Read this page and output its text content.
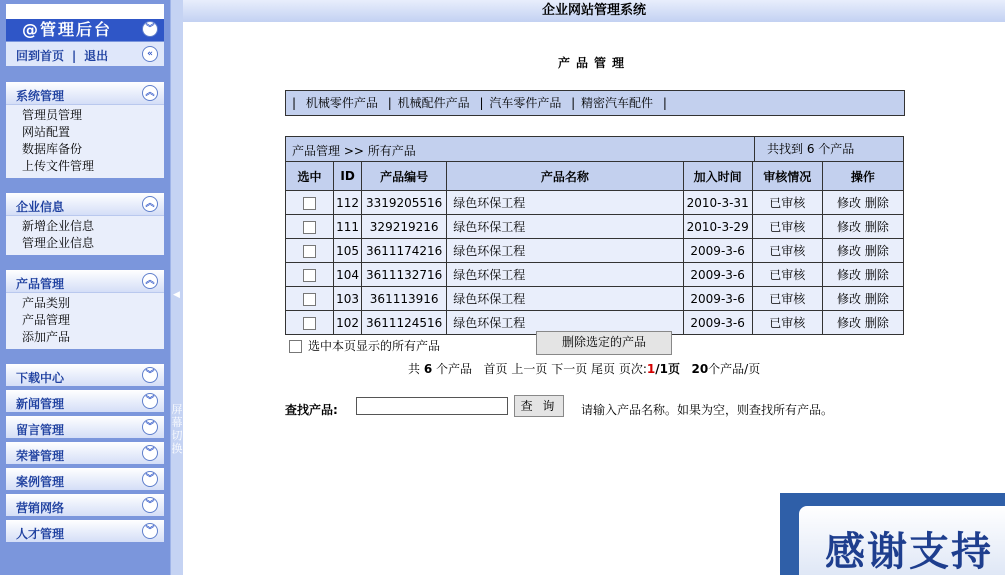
@管理后台	︾
回到首页 | 退出	«
系统管理	︽
管理员管理
网站配置
数据库备份
上传文件管理
企业信息	︽
新增企业信息
管理企业信息
产品管理	︽
产品类别
产品管理
添加产品
下载中心	︾
新闻管理	︾
留言管理	︾
荣誉管理	︾
案例管理	︾
营销网络	︾
人才管理	︾
◀
屏幕切换
企业网站管理系统
产品管理
| 机械零件产品 | 机械配件产品 | 汽车零件产品 | 精密汽车配件 |
产品管理 >> 所有产品	共找到 6 个产品
选中	ID	产品编号	产品名称	加入时间	审核情况	操作
	112	3319205516	绿色环保工程	2010-3-31	已审核	修改 删除
	111	329219216	绿色环保工程	2010-3-29	已审核	修改 删除
	105	3611174216	绿色环保工程	2009-3-6	已审核	修改 删除
	104	3611132716	绿色环保工程	2009-3-6	已审核	修改 删除
	103	361113916	绿色环保工程	2009-3-6	已审核	修改 删除
	102	3611124516	绿色环保工程	2009-3-6	已审核	修改 删除
选中本页显示的所有产品	删除选定的产品
共 6 个产品 首页 上一页 下一页 尾页 页次:1/1页 20个产品/页
查找产品:	查 询	请输入产品名称。如果为空，则查找所有产品。
感谢支持
